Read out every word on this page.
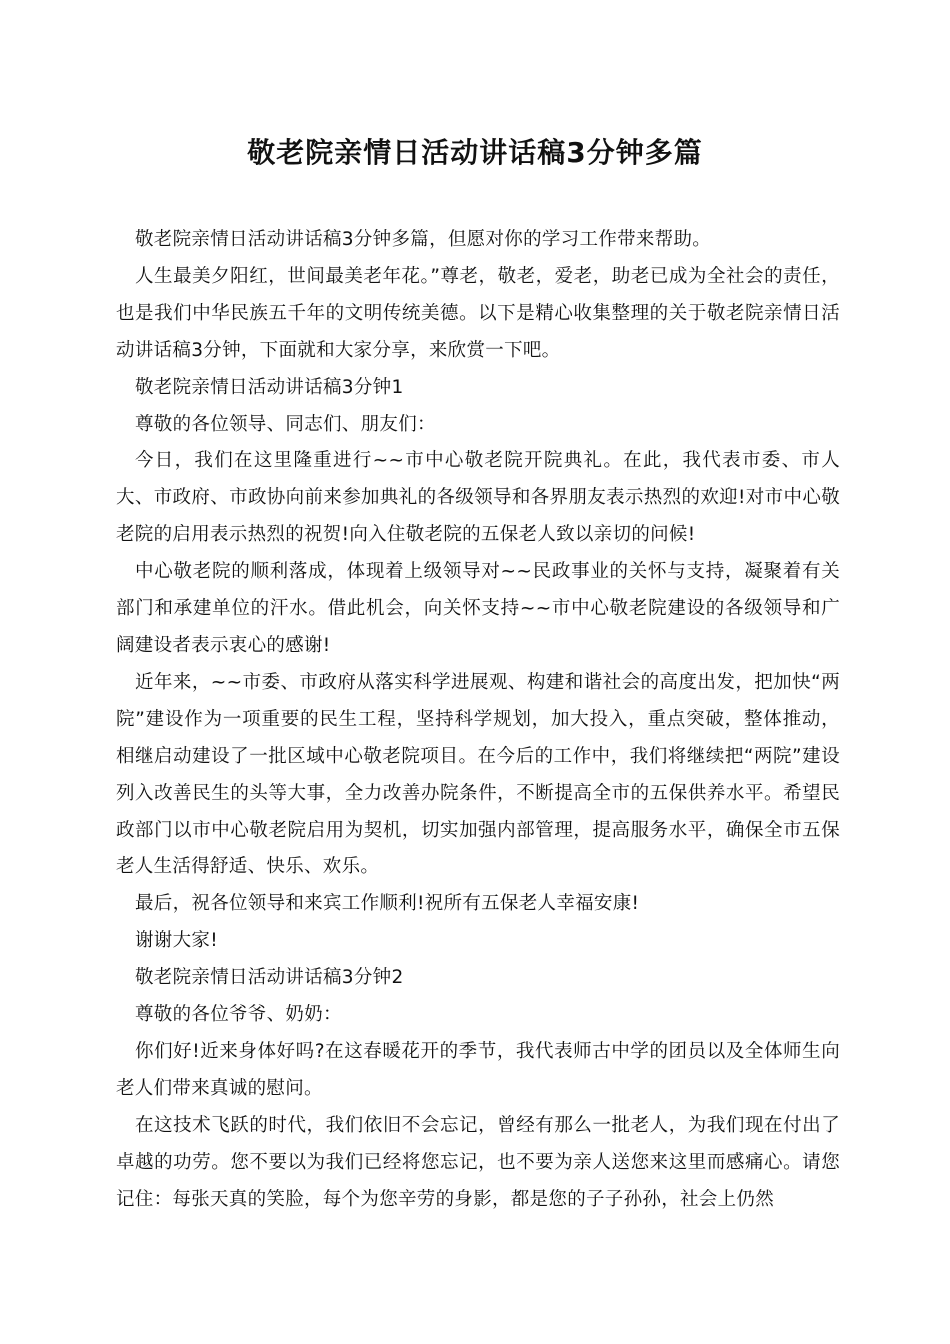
敬老院亲情日活动讲话稿3分钟多篇

敬老院亲情日活动讲话稿3分钟多篇，但愿对你的学习工作带来帮助。

人生最美夕阳红，世间最美老年花。”尊老，敬老，爱老，助老已成为全社会的责任，也是我们中华民族五千年的文明传统美德。以下是精心收集整理的关于敬老院亲情日活动讲话稿3分钟，下面就和大家分享，来欣赏一下吧。

敬老院亲情日活动讲话稿3分钟1

尊敬的各位领导、同志们、朋友们：

今日，我们在这里隆重进行~~市中心敬老院开院典礼。在此，我代表市委、市人大、市政府、市政协向前来参加典礼的各级领导和各界朋友表示热烈的欢迎!对市中心敬老院的启用表示热烈的祝贺!向入住敬老院的五保老人致以亲切的问候!

中心敬老院的顺利落成，体现着上级领导对~~民政事业的关怀与支持，凝聚着有关部门和承建单位的汗水。借此机会，向关怀支持~~市中心敬老院建设的各级领导和广阔建设者表示衷心的感谢!

近年来，~~市委、市政府从落实科学进展观、构建和谐社会的高度出发，把加快“两院”建设作为一项重要的民生工程，坚持科学规划，加大投入，重点突破，整体推动，相继启动建设了一批区域中心敬老院项目。在今后的工作中，我们将继续把“两院”建设列入改善民生的头等大事，全力改善办院条件，不断提高全市的五保供养水平。希望民政部门以市中心敬老院启用为契机，切实加强内部管理，提高服务水平，确保全市五保老人生活得舒适、快乐、欢乐。

最后，祝各位领导和来宾工作顺利!祝所有五保老人幸福安康!

谢谢大家!

敬老院亲情日活动讲话稿3分钟2

尊敬的各位爷爷、奶奶：

你们好!近来身体好吗?在这春暖花开的季节，我代表师古中学的团员以及全体师生向老人们带来真诚的慰问。

在这技术飞跃的时代，我们依旧不会忘记，曾经有那么一批老人，为我们现在付出了卓越的功劳。您不要以为我们已经将您忘记，也不要为亲人送您来这里而感痛心。请您记住：每张天真的笑脸，每个为您辛劳的身影，都是您的子子孙孙，社会上仍然
